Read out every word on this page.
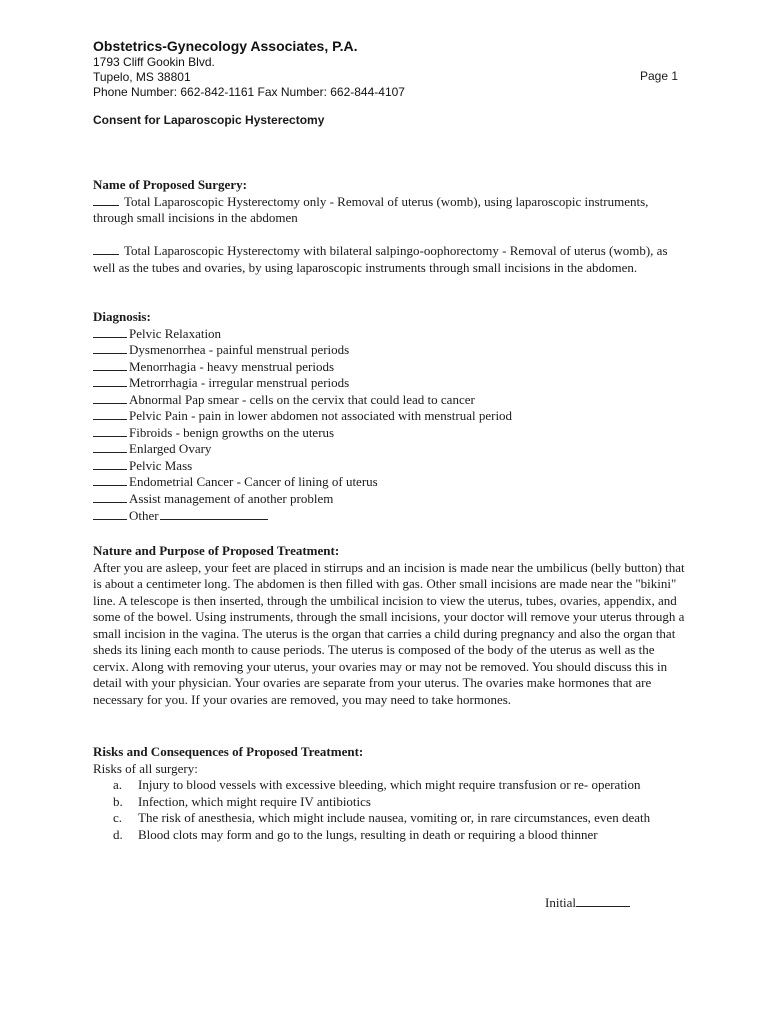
Obstetrics-Gynecology Associates, P.A.

1793 Cliff Gookin Blvd.

Tupelo, MS 38801

Phone Number: 662-842-1161 Fax Number: 662-844-4107

Page 1
Consent for Laparoscopic Hysterectomy

Name of Proposed Surgery:

Total Laparoscopic Hysterectomy only - Removal of uterus (womb), using laparoscopic instruments, through small incisions in the abdomen

Total Laparoscopic Hysterectomy with bilateral salpingo-oophorectomy - Removal of uterus (womb), as well as the tubes and ovaries, by using laparoscopic instruments through small incisions in the abdomen.

Diagnosis:

Pelvic Relaxation
Dysmenorrhea - painful menstrual periods
Menorrhagia - heavy menstrual periods
Metrorrhagia - irregular menstrual periods
Abnormal Pap smear - cells on the cervix that could lead to cancer
Pelvic Pain - pain in lower abdomen not associated with menstrual period
Fibroids - benign growths on the uterus
Enlarged Ovary
Pelvic Mass
Endometrial Cancer - Cancer of lining of uterus
Assist management of another problem
Other

Nature and Purpose of Proposed Treatment:

After you are asleep, your feet are placed in stirrups and an incision is made near the umbilicus (belly button) that is about a centimeter long. The abdomen is then filled with gas. Other small incisions are made near the "bikini" line. A telescope is then inserted, through the umbilical incision to view the uterus, tubes, ovaries, appendix, and some of the bowel. Using instruments, through the small incisions, your doctor will remove your uterus through a small incision in the vagina. The uterus is the organ that carries a child during pregnancy and also the organ that sheds its lining each month to cause periods. The uterus is composed of the body of the uterus as well as the cervix. Along with removing your uterus, your ovaries may or may not be removed. You should discuss this in detail with your physician. Your ovaries are separate from your uterus. The ovaries make hormones that are necessary for you. If your ovaries are removed, you may need to take hormones.

Risks and Consequences of Proposed Treatment:

Risks of all surgery:

a. Injury to blood vessels with excessive bleeding, which might require transfusion or re- operation
b. Infection, which might require IV antibiotics
c. The risk of anesthesia, which might include nausea, vomiting or, in rare circumstances, even death
d. Blood clots may form and go to the lungs, resulting in death or requiring a blood thinner
Initial
